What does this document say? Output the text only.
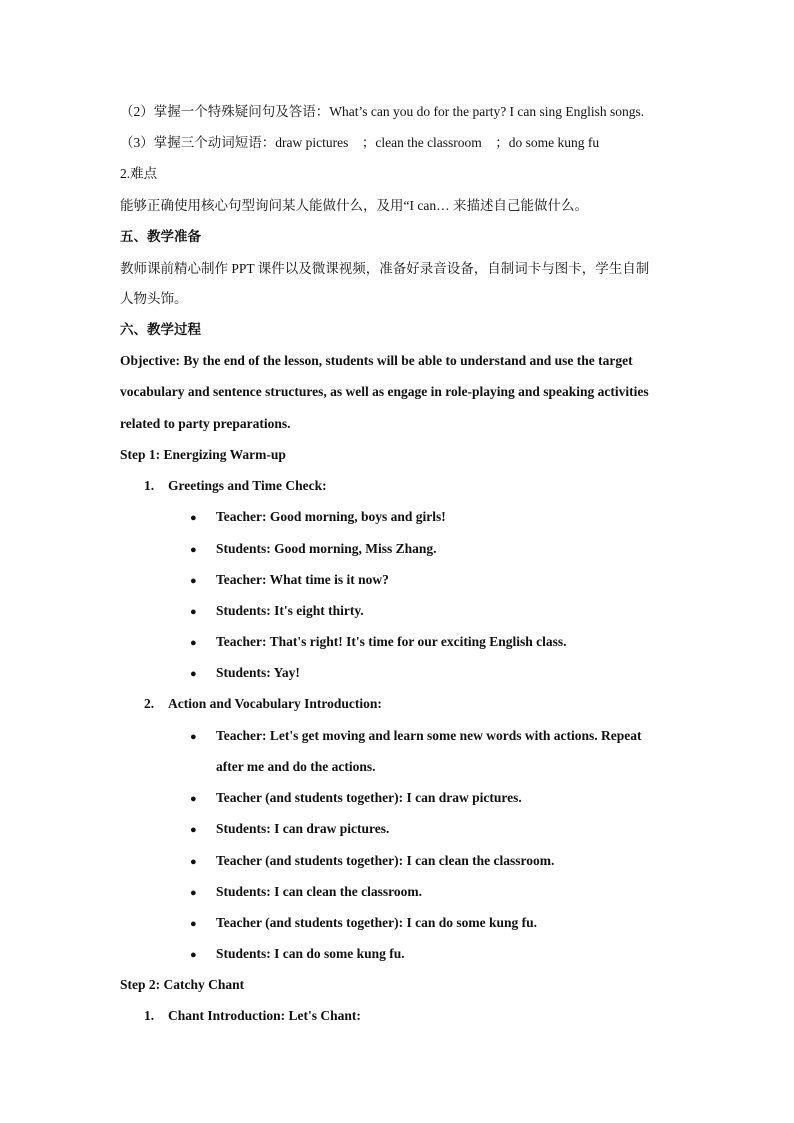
（2）掌握一个特殊疑问句及答语：What’s can you do for the party? I can sing English songs.
（3）掌握三个动词短语：draw pictures　；clean the classroom　；do some kung fu
2.难点
能够正确使用核心句型询问某人能做什么，及用“I can… 来描述自己能做什么。
五、教学准备
教师课前精心制作 PPT 课件以及微课视频，准备好录音设备，自制词卡与图卡，学生自制
人物头饰。
六、教学过程
Objective: By the end of the lesson, students will be able to understand and use the target
vocabulary and sentence structures, as well as engage in role-playing and speaking activities
related to party preparations.
Step 1: Energizing Warm-up
1. Greetings and Time Check:
● Teacher: Good morning, boys and girls!
● Students: Good morning, Miss Zhang.
● Teacher: What time is it now?
● Students: It's eight thirty.
● Teacher: That's right! It's time for our exciting English class.
● Students: Yay!
2. Action and Vocabulary Introduction:
● Teacher: Let's get moving and learn some new words with actions. Repeat
after me and do the actions.
● Teacher (and students together): I can draw pictures.
● Students: I can draw pictures.
● Teacher (and students together): I can clean the classroom.
● Students: I can clean the classroom.
● Teacher (and students together): I can do some kung fu.
● Students: I can do some kung fu.
Step 2: Catchy Chant
1. Chant Introduction: Let's Chant:
